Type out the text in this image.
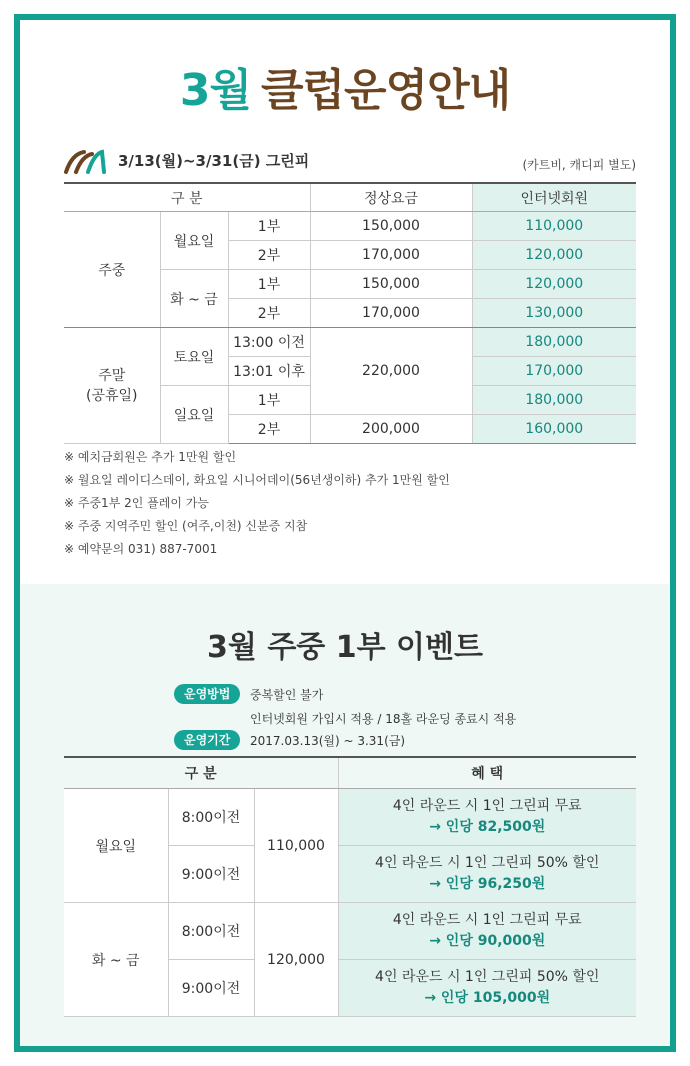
3월 클럽운영안내
3/13(월)~3/31(금) 그린피	(카트비, 캐디피 별도)
구 분			정상요금	인터넷회원
주중	월요일	1부	150,000	110,000
		2부	170,000	120,000
	화 ~ 금	1부	150,000	120,000
		2부	170,000	130,000

주말
(공휴일)	토요일	13:00 이전	220,000	180,000
		13:01 이후		170,000
	일요일	1부		180,000
		2부	200,000	160,000
※ 예치금회원은 추가 1만원 할인
※ 월요일 레이디스데이, 화요일 시니어데이(56년생이하) 추가 1만원 할인
※ 주중1부 2인 플레이 가능
※ 주중 지역주민 할인 (여주,이천) 신분증 지참
※ 예약문의 031) 887-7001
3월 주중 1부 이벤트
운영방법	중복할인 불가
인터넷회원 가입시 적용 / 18홀 라운딩 종료시 적용
운영기간	2017.03.13(월) ~ 3.31(금)
구 분			혜 택
월요일	8:00이전	110,000	4인 라운드 시 1인 그린피 무료
→ 인당 82,500원

	9:00이전		4인 라운드 시 1인 그린피 50% 할인
→ 인당 96,250원

화 ~ 금	8:00이전	120,000	4인 라운드 시 1인 그린피 무료
→ 인당 90,000원

	9:00이전		4인 라운드 시 1인 그린피 50% 할인
→ 인당 105,000원
